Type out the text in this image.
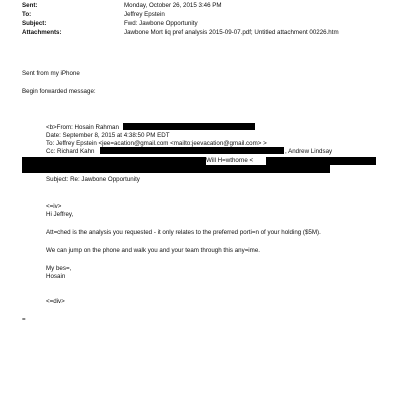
Sent:	Monday, October 26, 2015 3:46 PM
To:	Jeffrey Epstein
Subject:	Fwd: Jawbone Opportunity
Attachments:	Jawbone Mort liq pref analysis 2015-09-07.pdf; Untitled attachment 00226.htm
Sent from my iPhone
Begin forwarded message:
<b>From: Hosain Rahman
Date: September 8, 2015 at 4:38:50 PM EDT
To: Jeffrey Epstein <jee=acation@gmail.com <mailto:jeevacation@gmail.com> >
Cc: Richard Kahn	, Andrew Lindsay
Will H=wthorne <
Subject: Re: Jawbone Opportunity
<=iv>
Hi Jeffrey,
Att=ched is the analysis you requested - it only relates to the preferred porti=n of your holding ($5M).
We can jump on the phone and walk you and your team through this any=ime.
My bes=,
Hosain
<=div>
=
